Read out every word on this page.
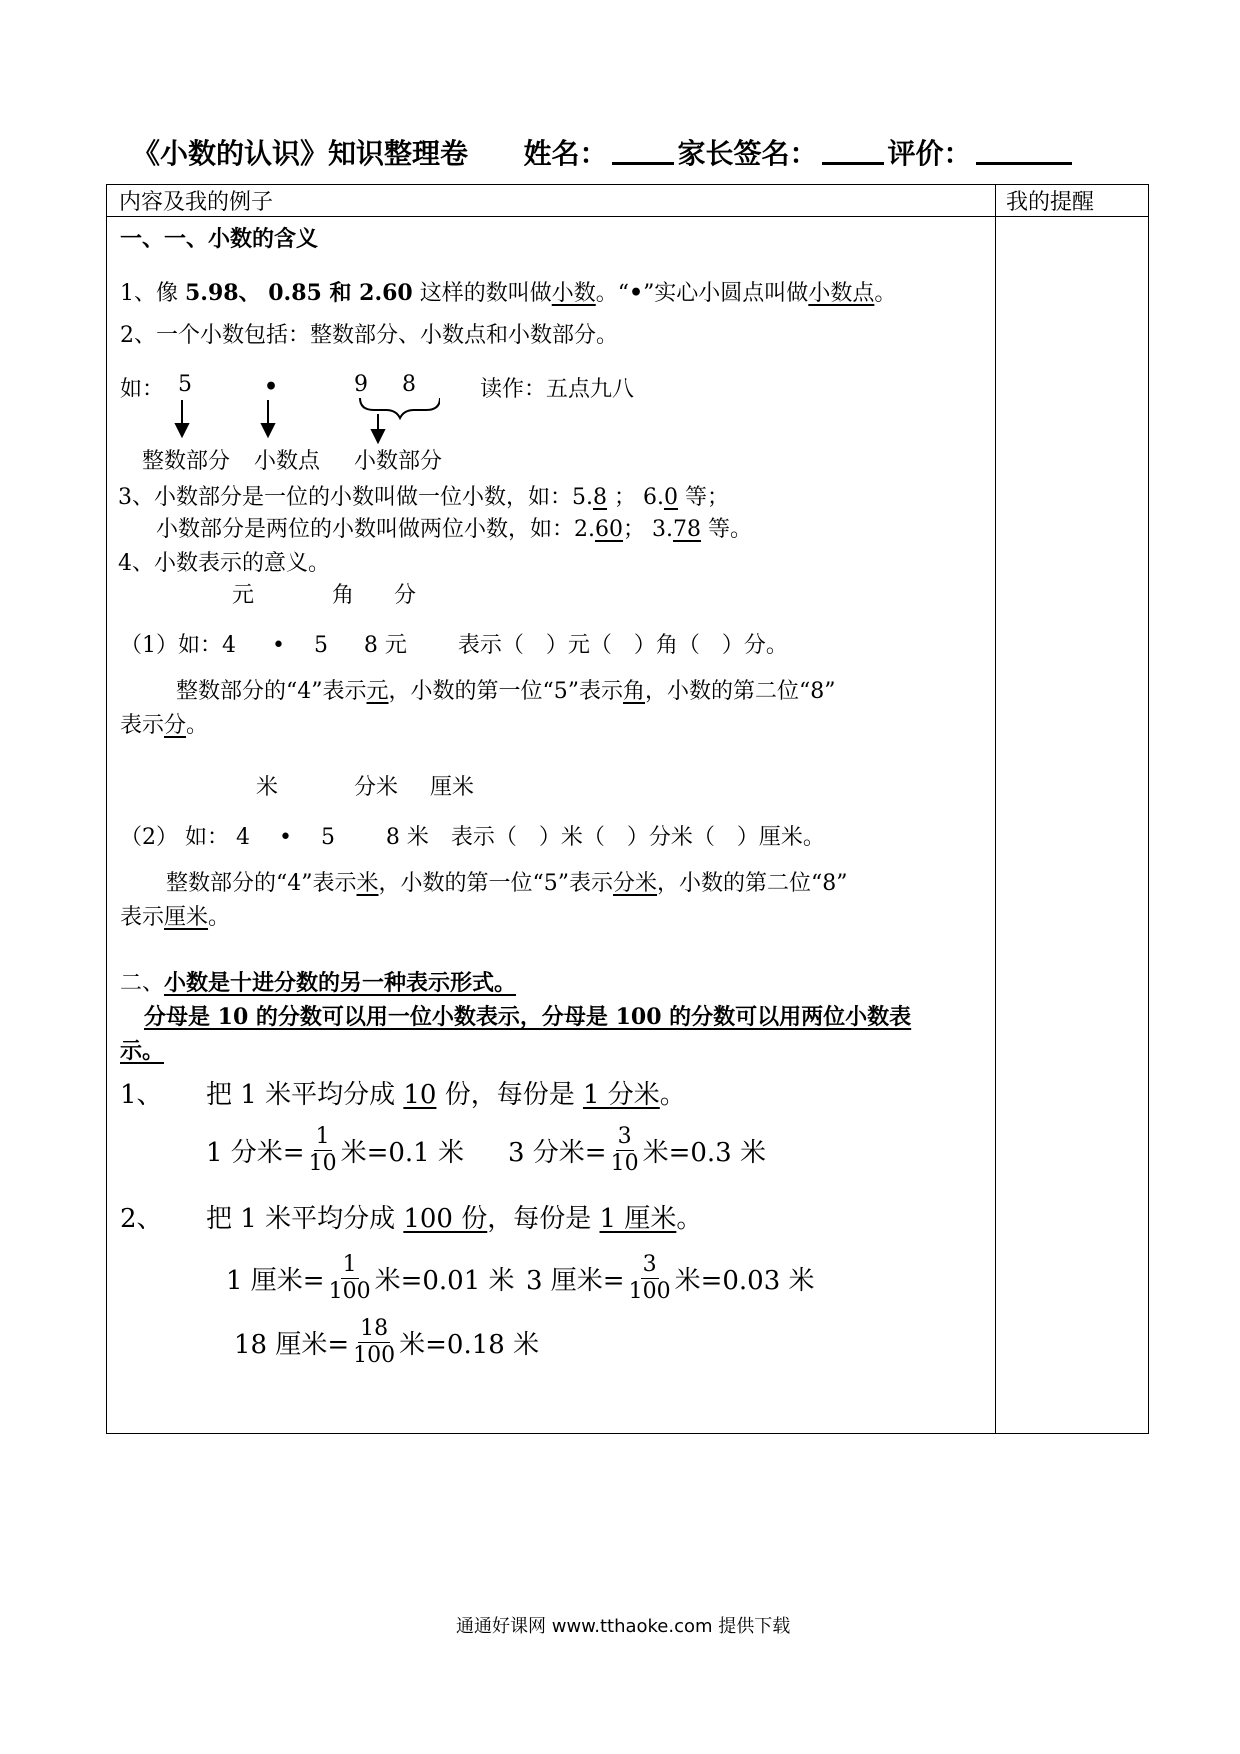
《小数的认识》知识整理卷 姓名：	家长签名：	评价：
内容及我的例子	我的提醒

一、一、小数的含义
1、像 5.98、 0.85 和 2.60 这样的数叫做小数。“•”实心小圆点叫做小数点。
2、一个小数包括：整数部分、小数点和小数部分。
如： 5	•	9 8	读作：五点九八
整数部分 小数点 小数部分
3、小数部分是一位的小数叫做一位小数，如：5.8 ； 6.0 等；
小数部分是两位的小数叫做两位小数，如：2.60； 3.78 等。
4、小数表示的意义。
元	角 分
（1）如：4 　 •　 5 　 8 元　　 表示（　）元（　）角（　）分。
整数部分的“4”表示元，小数的第一位“5”表示角，小数的第二位“8”
表示分。
米	分米 厘米
（2） 如： 4　 •　 5　　 8 米　表示（　）米（　）分米（　）厘米。
整数部分的“4”表示米，小数的第一位“5”表示分米，小数的第二位“8”
表示厘米。
二、小数是十进分数的另一种表示形式。
分母是 10 的分数可以用一位小数表示，分母是 100 的分数可以用两位小数表
示。
1、 把 1 米平均分成 10 份，每份是 1 分米。
1 分米= $\frac{1}{10}$ 米=0.1 米 3 分米= $\frac{3}{10}$ 米=0.3 米
2、 把 1 米平均分成 100 份，每份是 1 厘米。
1 厘米= $\frac{1}{100}$ 米=0.01 米 3 厘米= $\frac{3}{100}$ 米=0.03 米
18 厘米= $\frac{18}{100}$ 米=0.18 米
通通好课网 www.tthaoke.com 提供下载
